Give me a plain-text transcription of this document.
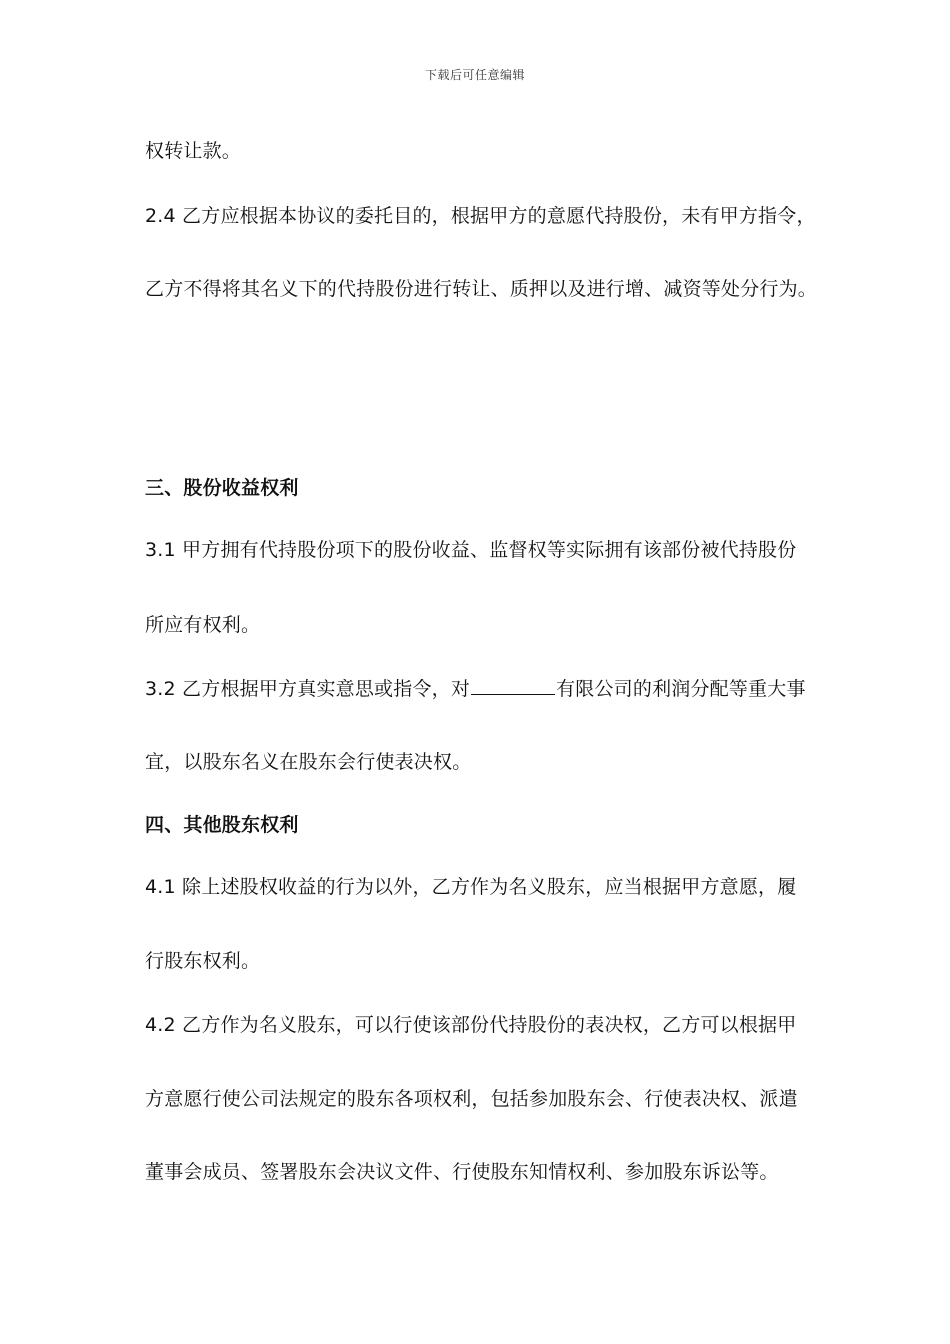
下载后可任意编辑
权转让款。
2.4 乙方应根据本协议的委托目的，根据甲方的意愿代持股份，未有甲方指令，
乙方不得将其名义下的代持股份进行转让、质押以及进行增、减资等处分行为。
三、股份收益权利
3.1 甲方拥有代持股份项下的股份收益、监督权等实际拥有该部份被代持股份
所应有权利。
3.2 乙方根据甲方真实意思或指令，对	有限公司的利润分配等重大事
宜，以股东名义在股东会行使表决权。
四、其他股东权利
4.1 除上述股权收益的行为以外，乙方作为名义股东，应当根据甲方意愿，履
行股东权利。
4.2 乙方作为名义股东，可以行使该部份代持股份的表决权，乙方可以根据甲
方意愿行使公司法规定的股东各项权利，包括参加股东会、行使表决权、派遣
董事会成员、签署股东会决议文件、行使股东知情权利、参加股东诉讼等。
